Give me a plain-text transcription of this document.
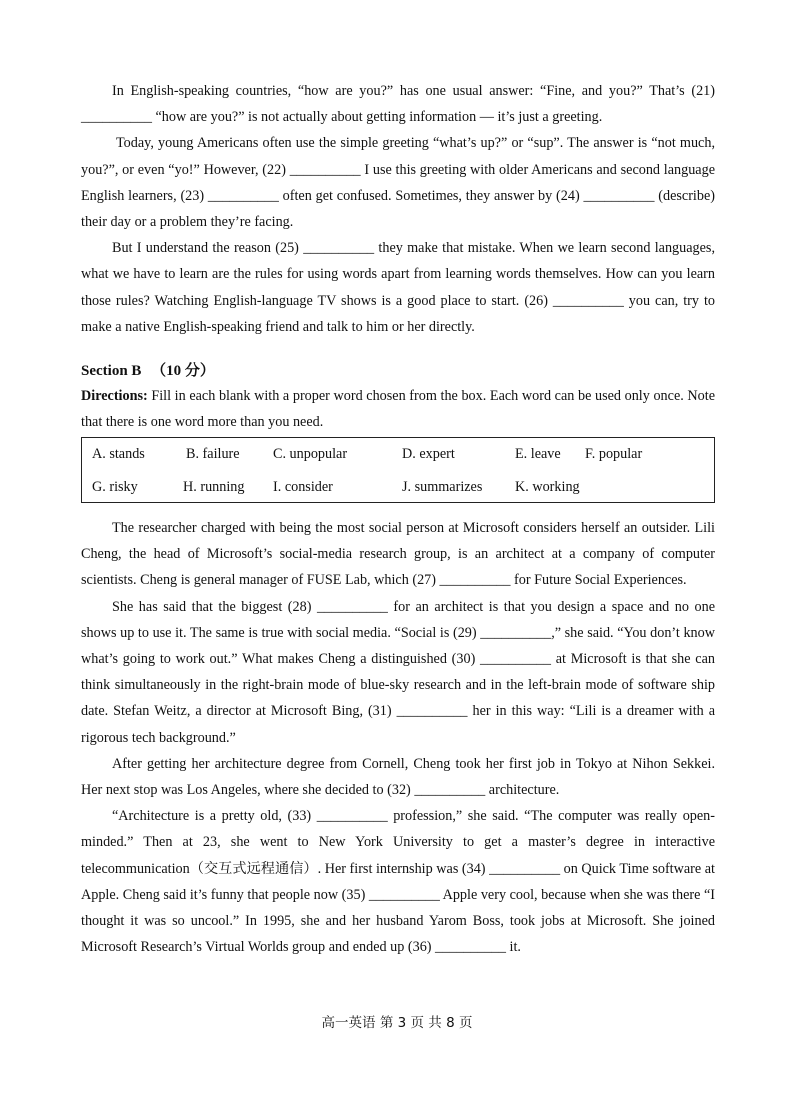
In English-speaking countries, “how are you?” has one usual answer: “Fine, and you?” That’s (21) __________ “how are you?” is not actually about getting information — it’s just a greeting.

Today, young Americans often use the simple greeting “what’s up?” or “sup”. The answer is “not much, you?”, or even “yo!” However, (22) __________ I use this greeting with older Americans and second language English learners, (23) __________ often get confused. Sometimes, they answer by (24) __________ (describe) their day or a problem they’re facing.

But I understand the reason (25) __________ they make that mistake. When we learn second languages, what we have to learn are the rules for using words apart from learning words themselves. How can you learn those rules? Watching English-language TV shows is a good place to start. (26) __________ you can, try to make a native English-speaking friend and talk to him or her directly.

Section B （10 分）

Directions: Fill in each blank with a proper word chosen from the box. Each word can be used only once. Note that there is one word more than you need.

A. stands	B. failure C. unpopular	D. expert	E. leave F. popular
G. risky	H. running I. consider	J. summarizes K. working

The researcher charged with being the most social person at Microsoft considers herself an outsider. Lili Cheng, the head of Microsoft’s social-media research group, is an architect at a company of computer scientists. Cheng is general manager of FUSE Lab, which (27) __________ for Future Social Experiences.

She has said that the biggest (28) __________ for an architect is that you design a space and no one shows up to use it. The same is true with social media. “Social is (29) __________,” she said. “You don’t know what’s going to work out.” What makes Cheng a distinguished (30) __________ at Microsoft is that she can think simultaneously in the right-brain mode of blue-sky research and in the left-brain mode of software ship date. Stefan Weitz, a director at Microsoft Bing, (31) __________ her in this way: “Lili is a dreamer with a rigorous tech background.”

After getting her architecture degree from Cornell, Cheng took her first job in Tokyo at Nihon Sekkei. Her next stop was Los Angeles, where she decided to (32) __________ architecture.

“Architecture is a pretty old, (33) __________ profession,” she said. “The computer was really open-minded.” Then at 23, she went to New York University to get a master’s degree in interactive telecommunication（交互式远程通信）. Her first internship was (34) __________ on Quick Time software at Apple. Cheng said it’s funny that people now (35) __________ Apple very cool, because when she was there “I thought it was so uncool.” In 1995, she and her husband Yarom Boss, took jobs at Microsoft. She joined Microsoft Research’s Virtual Worlds group and ended up (36) __________ it.

高一英语 第 3 页 共 8 页
